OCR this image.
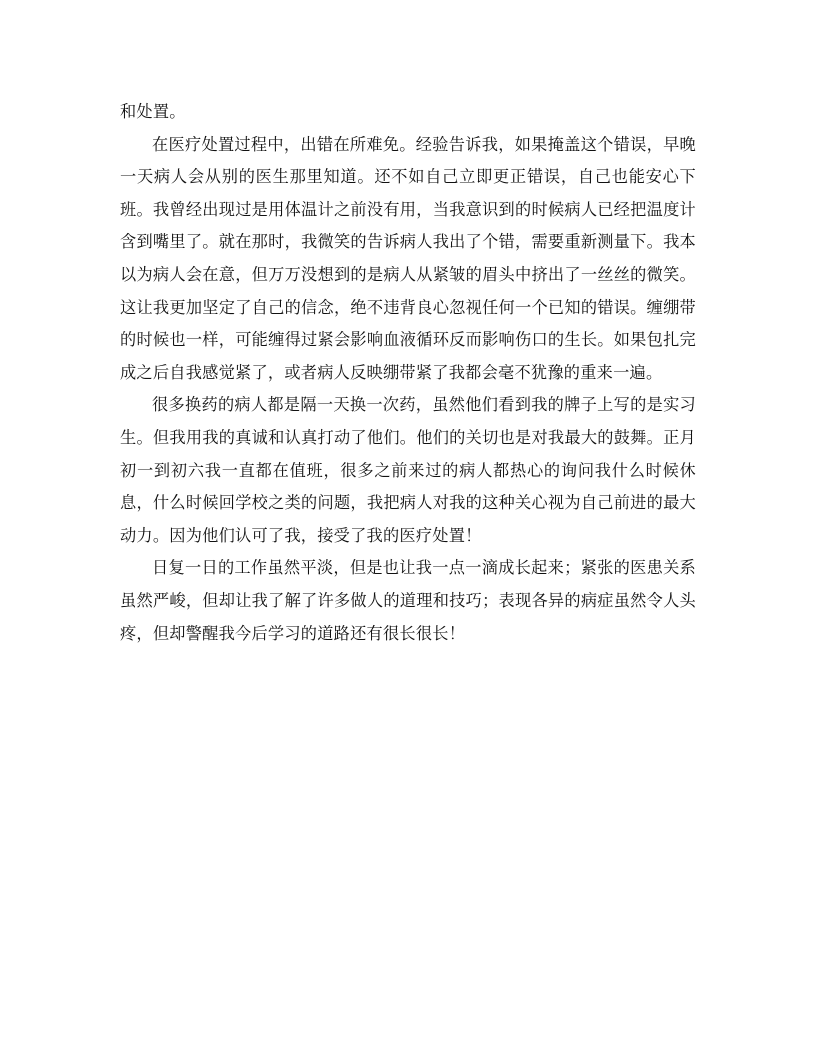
和处置。

在医疗处置过程中，出错在所难免。经验告诉我，如果掩盖这个错误，早晚一天病人会从别的医生那里知道。还不如自己立即更正错误，自己也能安心下班。我曾经出现过是用体温计之前没有用，当我意识到的时候病人已经把温度计含到嘴里了。就在那时，我微笑的告诉病人我出了个错，需要重新测量下。我本以为病人会在意，但万万没想到的是病人从紧皱的眉头中挤出了一丝丝的微笑。这让我更加坚定了自己的信念，绝不违背良心忽视任何一个已知的错误。缠绷带的时候也一样，可能缠得过紧会影响血液循环反而影响伤口的生长。如果包扎完成之后自我感觉紧了，或者病人反映绷带紧了我都会毫不犹豫的重来一遍。

很多换药的病人都是隔一天换一次药，虽然他们看到我的牌子上写的是实习生。但我用我的真诚和认真打动了他们。他们的关切也是对我最大的鼓舞。正月初一到初六我一直都在值班，很多之前来过的病人都热心的询问我什么时候休息，什么时候回学校之类的问题，我把病人对我的这种关心视为自己前进的最大动力。因为他们认可了我，接受了我的医疗处置！

日复一日的工作虽然平淡，但是也让我一点一滴成长起来；紧张的医患关系虽然严峻，但却让我了解了许多做人的道理和技巧；表现各异的病症虽然令人头疼，但却警醒我今后学习的道路还有很长很长！
